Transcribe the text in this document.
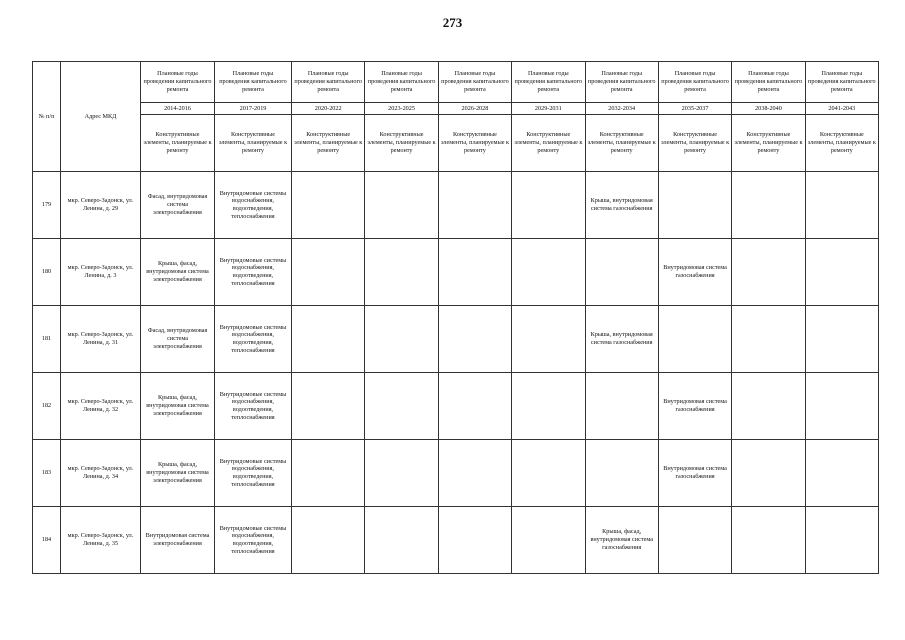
273
№ п/п	Адрес МКД	Плановые годы проведении капитального ремонта	Плановые годы проведения капитального ремонта	Плановые годы проведения капитального ремонта	Плановые годы проведения капитального ремонта	Плановые годы проведения капитального ремонта	Плановые годы проведения капитального ремонта	Плановые годы проведения капитального ремонта	Плановые годы проведения капитального ремонта	Плановые годы проведения капитального ремонта	Плановые годы проведения капитального ремонта
		2014-2016	2017-2019	2020-2022	2023-2025	2026-2028	2029-2031	2032-2034	2035-2037	2038-2040	2041-2043
		Конструктивные элементы, планируемые к ремонту	Конструктивные элементы, планируемые к ремонту	Конструктивные элементы, планируемые к ремонту	Конструктивные элементы, планируемые к ремонту	Конструктивные элементы, планируемые к ремонту	Конструктивные элементы, планируемые к ремонту	Конструктивные элементы, планируемые к ремонту	Конструктивные элементы, планируемые к ремонту	Конструктивные элементы, планируемые к ремонту	Конструктивные элементы, планируемые к ремонту
179	мкр. Северо-Задонск, ул. Ленина, д. 29	Фасад, внутридомовая система электроснабжения	Внутридомовые системы водоснабжения, водоотведения, теплоснабжения					Крыша, внутридомовая система газоснабжения			
180	мкр. Северо-Задонск, ул. Ленина, д. 3	Крыша, фасад, внутридомовая система электроснабжения	Внутридомовые системы водоснабжения, водоотведения, теплоснабжения						Внутридомовая система газоснабжения		
181	мкр. Северо-Задонск, ул. Ленина, д. 31	Фасад, внутридомовая система электроснабжения	Внутридомовые системы водоснабжения, водоотведения, теплоснабжения					Крыша, внутридомовая система газоснабжения			
182	мкр. Северо-Задонск, ул. Ленина, д. 32	Крыша, фасад, внутридомовая система электроснабжения	Внутридомовые системы водоснабжения, водоотведения, теплоснабжения						Внутридомовая система газоснабжения		
183	мкр. Северо-Задонск, ул. Ленина, д. 34	Крыша, фасад, внутридомовая система электроснабжения	Внутридомовые системы водоснабжения, водоотведения, теплоснабжения						Внутридомовая система газоснабжения		
184	мкр. Северо-Задонск, ул. Ленина, д. 35	Внутридомовая система электроснабжения	Внутридомовые системы водоснабжения, водоотведения, теплоснабжения					Крыша, фасад, внутридомовая система газоснабжения			
